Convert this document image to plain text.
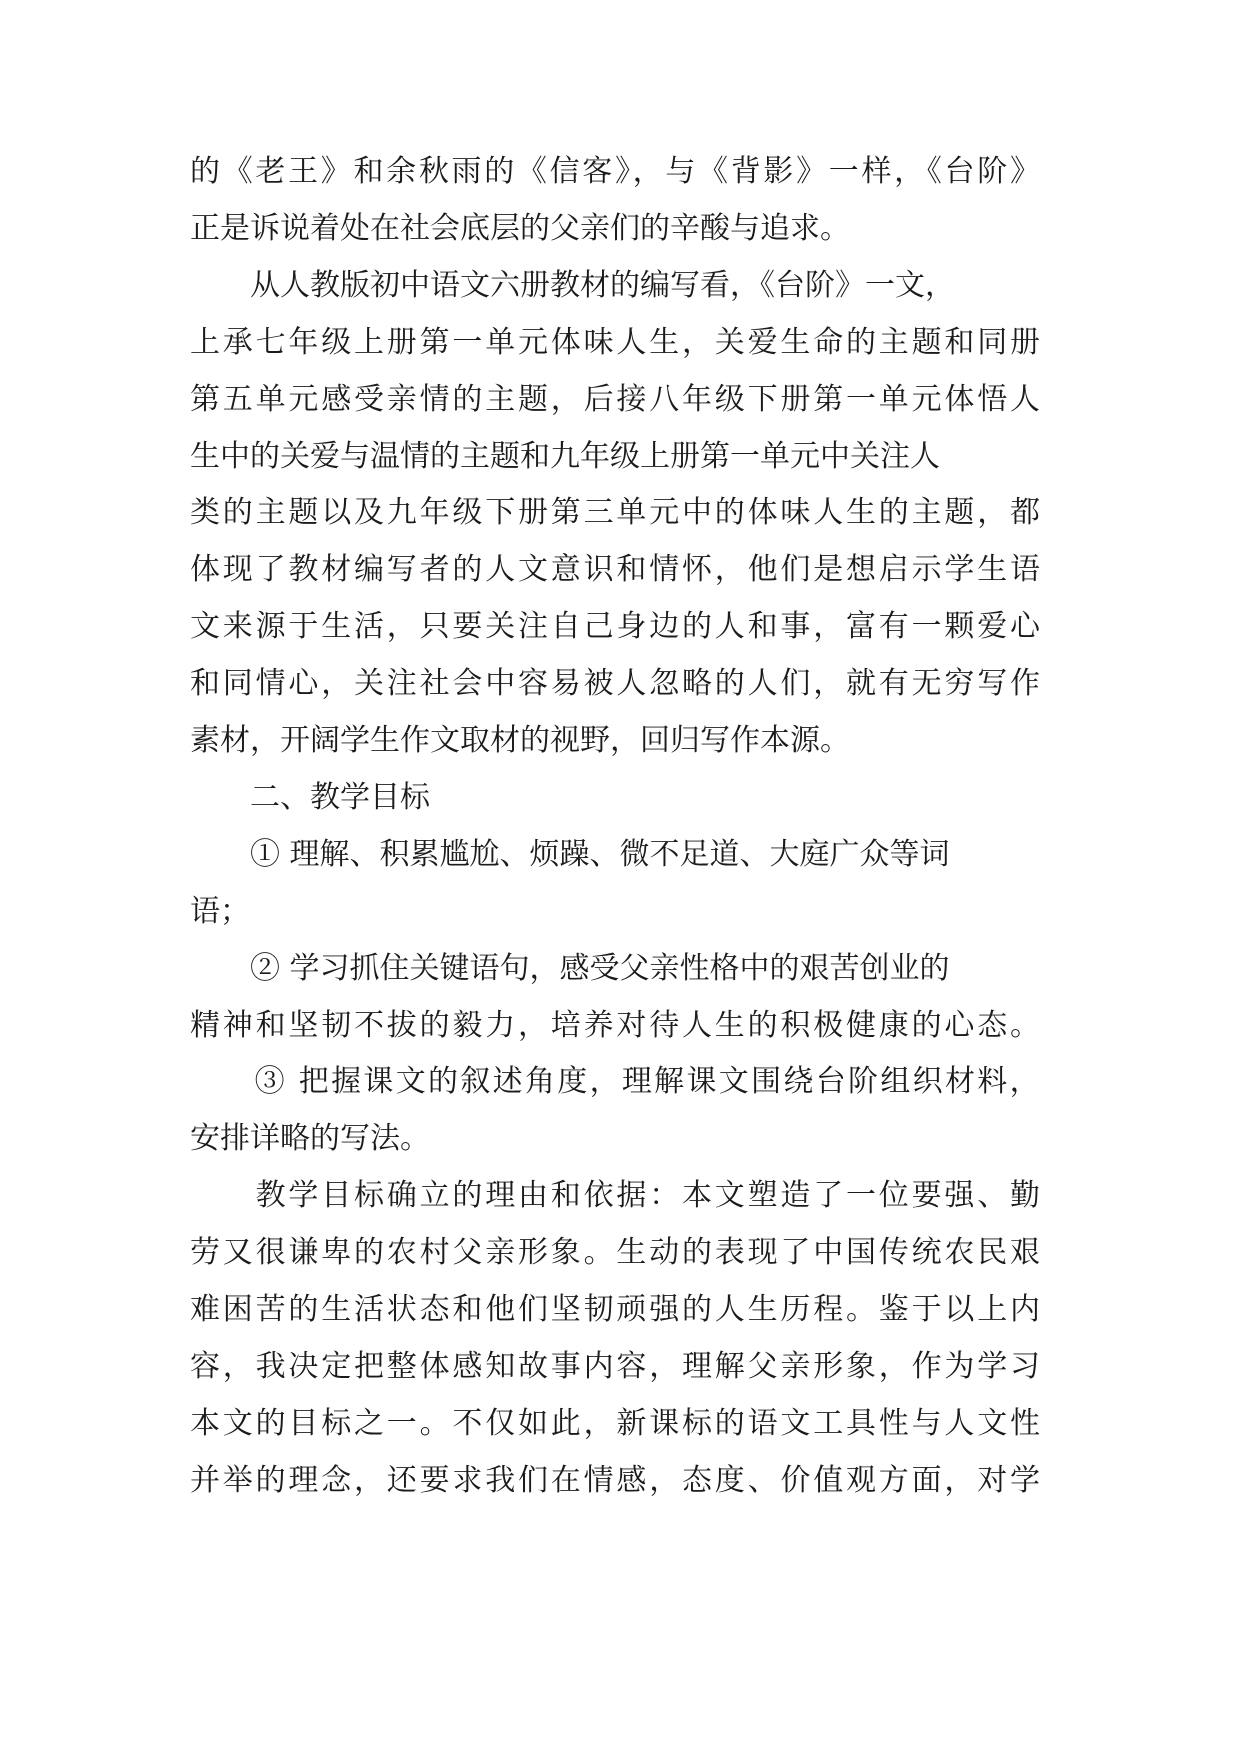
的《老王》和余秋雨的《信客》，与《背影》一样，《台阶》
正是诉说着处在社会底层的父亲们的辛酸与追求。
　　从人教版初中语文六册教材的编写看，《台阶》一文，
上承七年级上册第一单元体味人生，关爱生命的主题和同册
第五单元感受亲情的主题，后接八年级下册第一单元体悟人
生中的关爱与温情的主题和九年级上册第一单元中关注人
类的主题以及九年级下册第三单元中的体味人生的主题，都
体现了教材编写者的人文意识和情怀，他们是想启示学生语
文来源于生活，只要关注自己身边的人和事，富有一颗爱心
和同情心，关注社会中容易被人忽略的人们，就有无穷写作
素材，开阔学生作文取材的视野，回归写作本源。
　　二、教学目标
　　① 理解、积累尴尬、烦躁、微不足道、大庭广众等词
语；
　　② 学习抓住关键语句，感受父亲性格中的艰苦创业的
精神和坚韧不拔的毅力，培养对待人生的积极健康的心态。
　　③ 把握课文的叙述角度，理解课文围绕台阶组织材料，
安排详略的写法。
　　教学目标确立的理由和依据：本文塑造了一位要强、勤
劳又很谦卑的农村父亲形象。生动的表现了中国传统农民艰
难困苦的生活状态和他们坚韧顽强的人生历程。鉴于以上内
容，我决定把整体感知故事内容，理解父亲形象，作为学习
本文的目标之一。不仅如此，新课标的语文工具性与人文性
并举的理念，还要求我们在情感，态度、价值观方面，对学
